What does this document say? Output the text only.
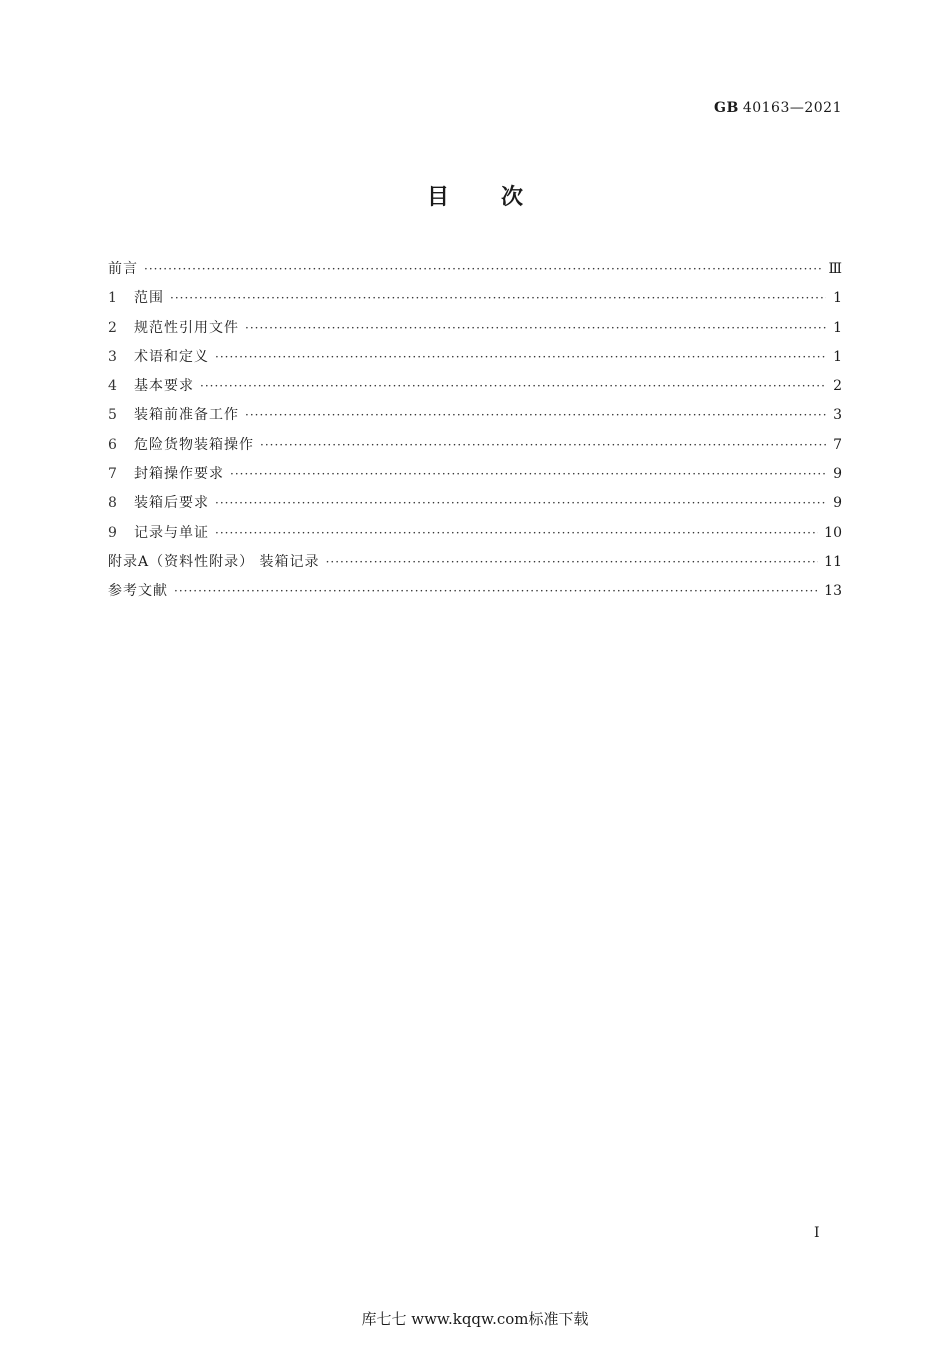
GB 40163—2021
目次
前言 ·····	Ⅲ
1	范围 ·····	1
2	规范性引用文件 ·····	1
3	术语和定义 ·····	1
4	基本要求 ·····	2
5	装箱前准备工作 ·····	3
6	危险货物装箱操作 ·····	7
7	封箱操作要求 ·····	9
8	装箱后要求 ·····	9
9	记录与单证 ·····	10
附录A（资料性附录） 装箱记录 ·····	11
参考文献 ·····	13
I
库七七 www.kqqw.com标准下载
